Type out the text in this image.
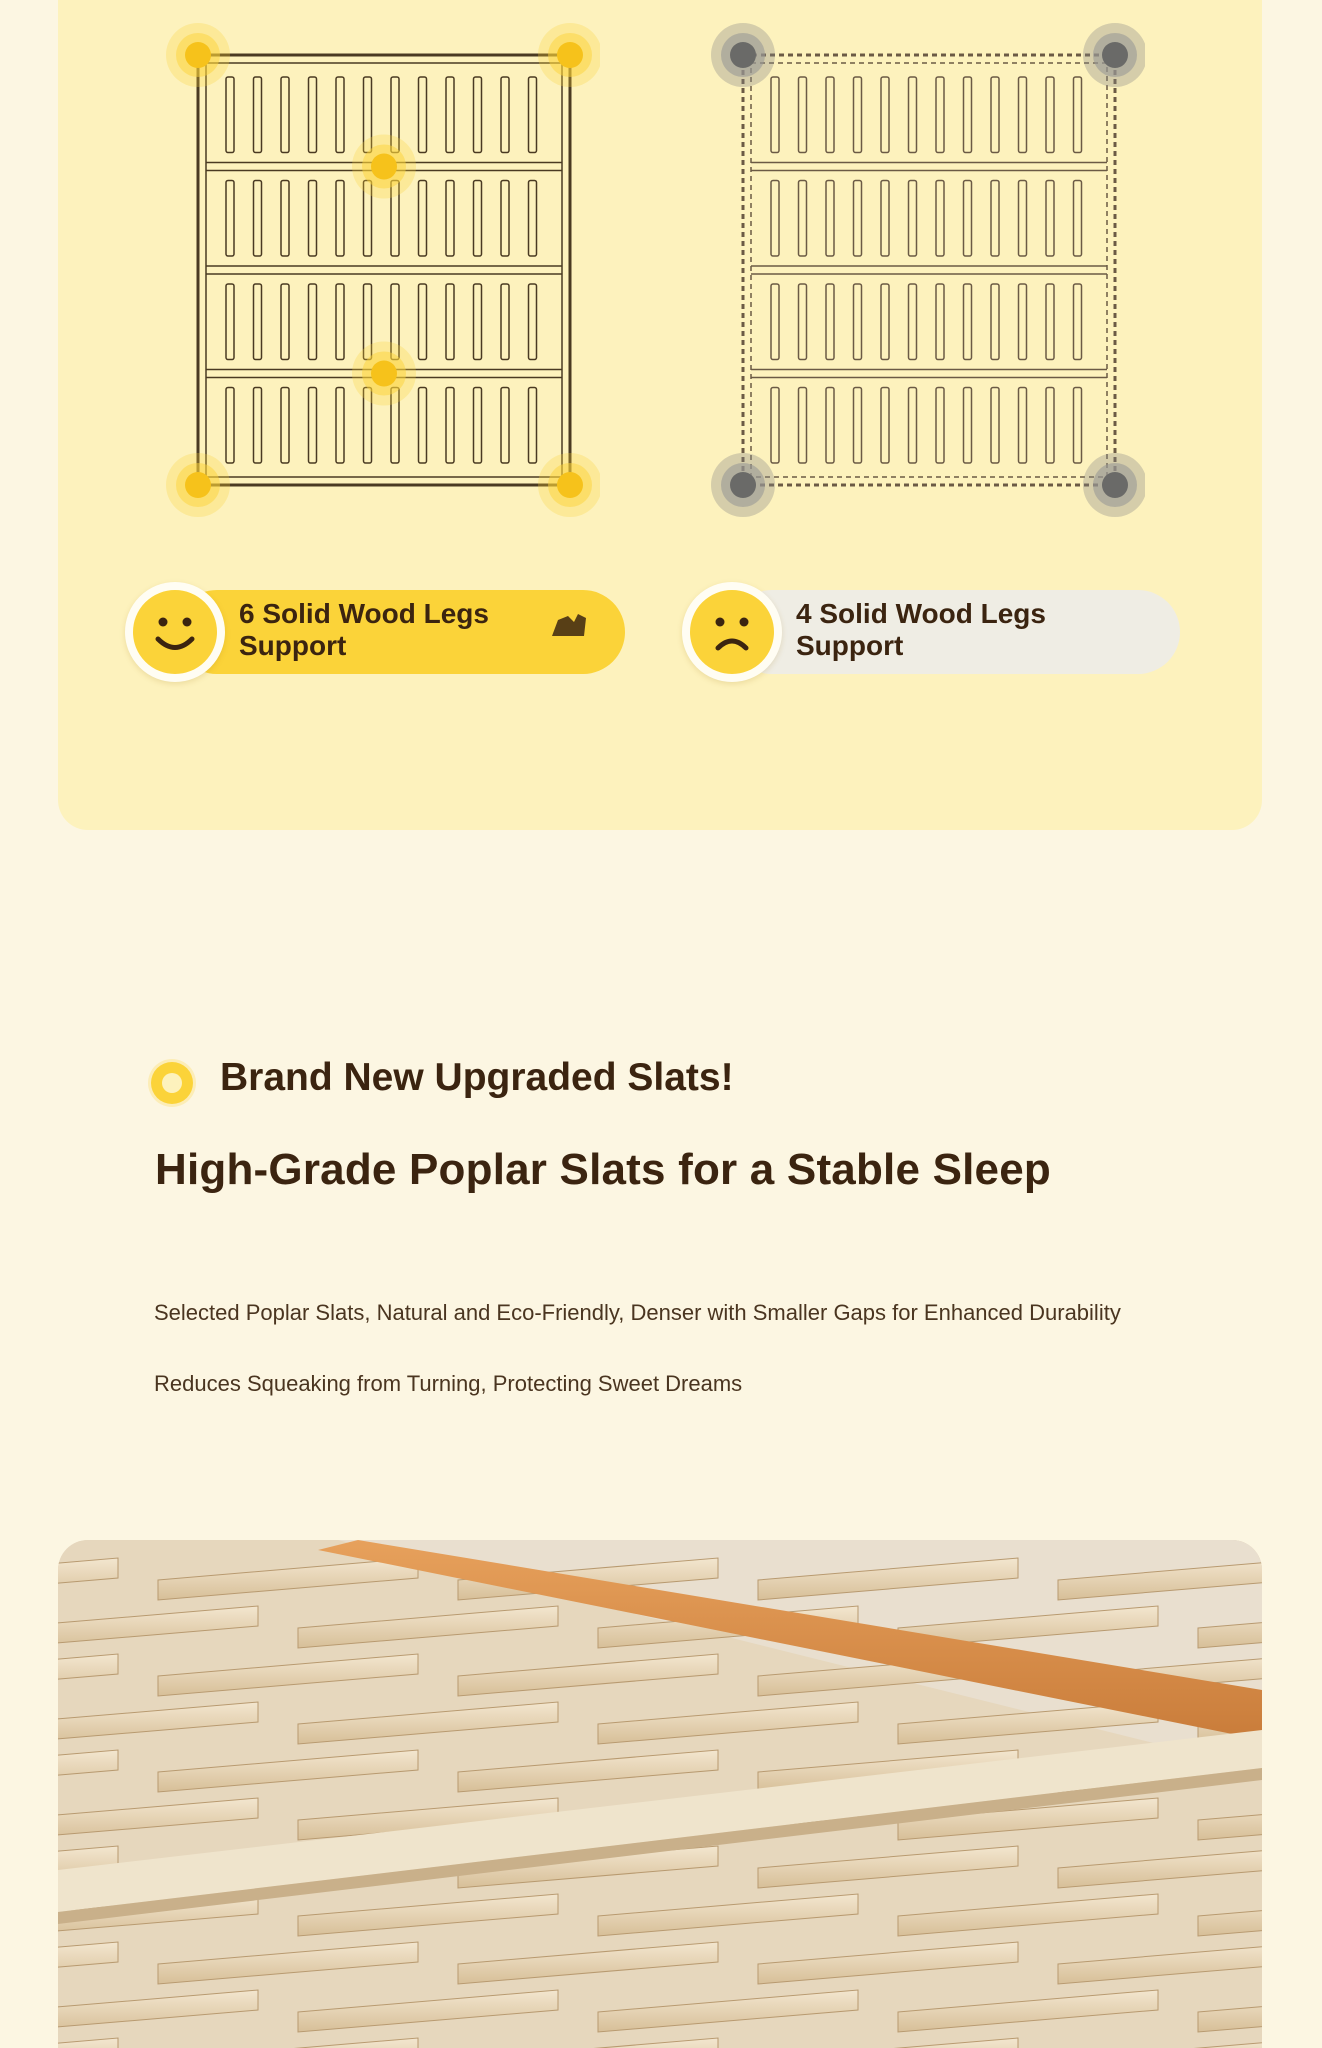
6 Solid Wood Legs
Support
4 Solid Wood Legs
Support
Brand New Upgraded Slats!
High-Grade Poplar Slats for a Stable Sleep
Selected Poplar Slats, Natural and Eco-Friendly, Denser with Smaller Gaps for Enhanced Durability
Reduces Squeaking from Turning, Protecting Sweet Dreams
